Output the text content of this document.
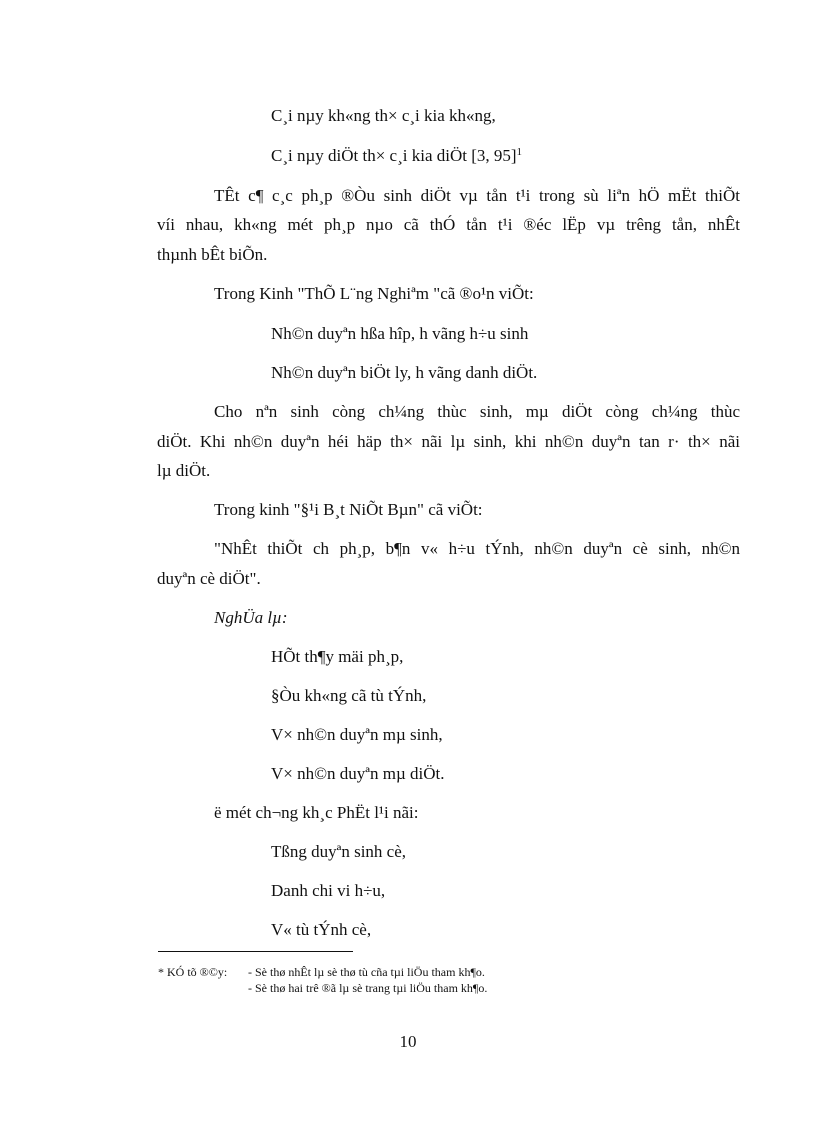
C¸i nµy kh«ng th× c¸i kia kh«ng,
C¸i nµy diÖt th× c¸i kia diÖt [3, 95]$^1$
TÊt c¶ c¸c ph¸p ®Òu sinh diÖt vµ tån t¹i trong sù liªn hÖ mËt thiÕt
víi nhau, kh«ng mét ph¸p nµo cã thÓ tån t¹i ®éc lËp vµ trêng tån, nhÊt
thµnh bÊt biÕn.
Trong Kinh "ThÕ L¨ng Nghiªm "cã ®o¹n viÕt:
Nh©n duyªn hßa hîp, h vãng h÷u sinh
Nh©n duyªn biÖt ly, h vãng danh diÖt.
Cho nªn sinh còng ch¼ng thùc sinh, mµ diÖt còng ch¼ng thùc
diÖt. Khi nh©n duyªn héi häp th× nãi lµ sinh, khi nh©n duyªn tan r· th× nãi
lµ diÖt.
Trong kinh "§¹i B¸t NiÕt Bµn" cã viÕt:
"NhÊt thiÕt ch ph¸p, b¶n v« h÷u tÝnh, nh©n duyªn cè sinh, nh©n
duyªn cè diÖt".
NghÜa lµ:
HÕt th¶y mäi ph¸p,
§Òu kh«ng cã tù tÝnh,
V× nh©n duyªn mµ sinh,
V× nh©n duyªn mµ diÖt.
ë mét ch¬ng kh¸c PhËt l¹i nãi:
Tßng duyªn sinh cè,
Danh chi vi h÷u,
V« tù tÝnh cè,
* KÓ tõ ®©y: - Sè thø nhÊt lµ sè thø tù cña tµi liÖu tham kh¶o.
- Sè thø hai trê ®ã lµ sè trang tµi liÖu tham kh¶o.
10
